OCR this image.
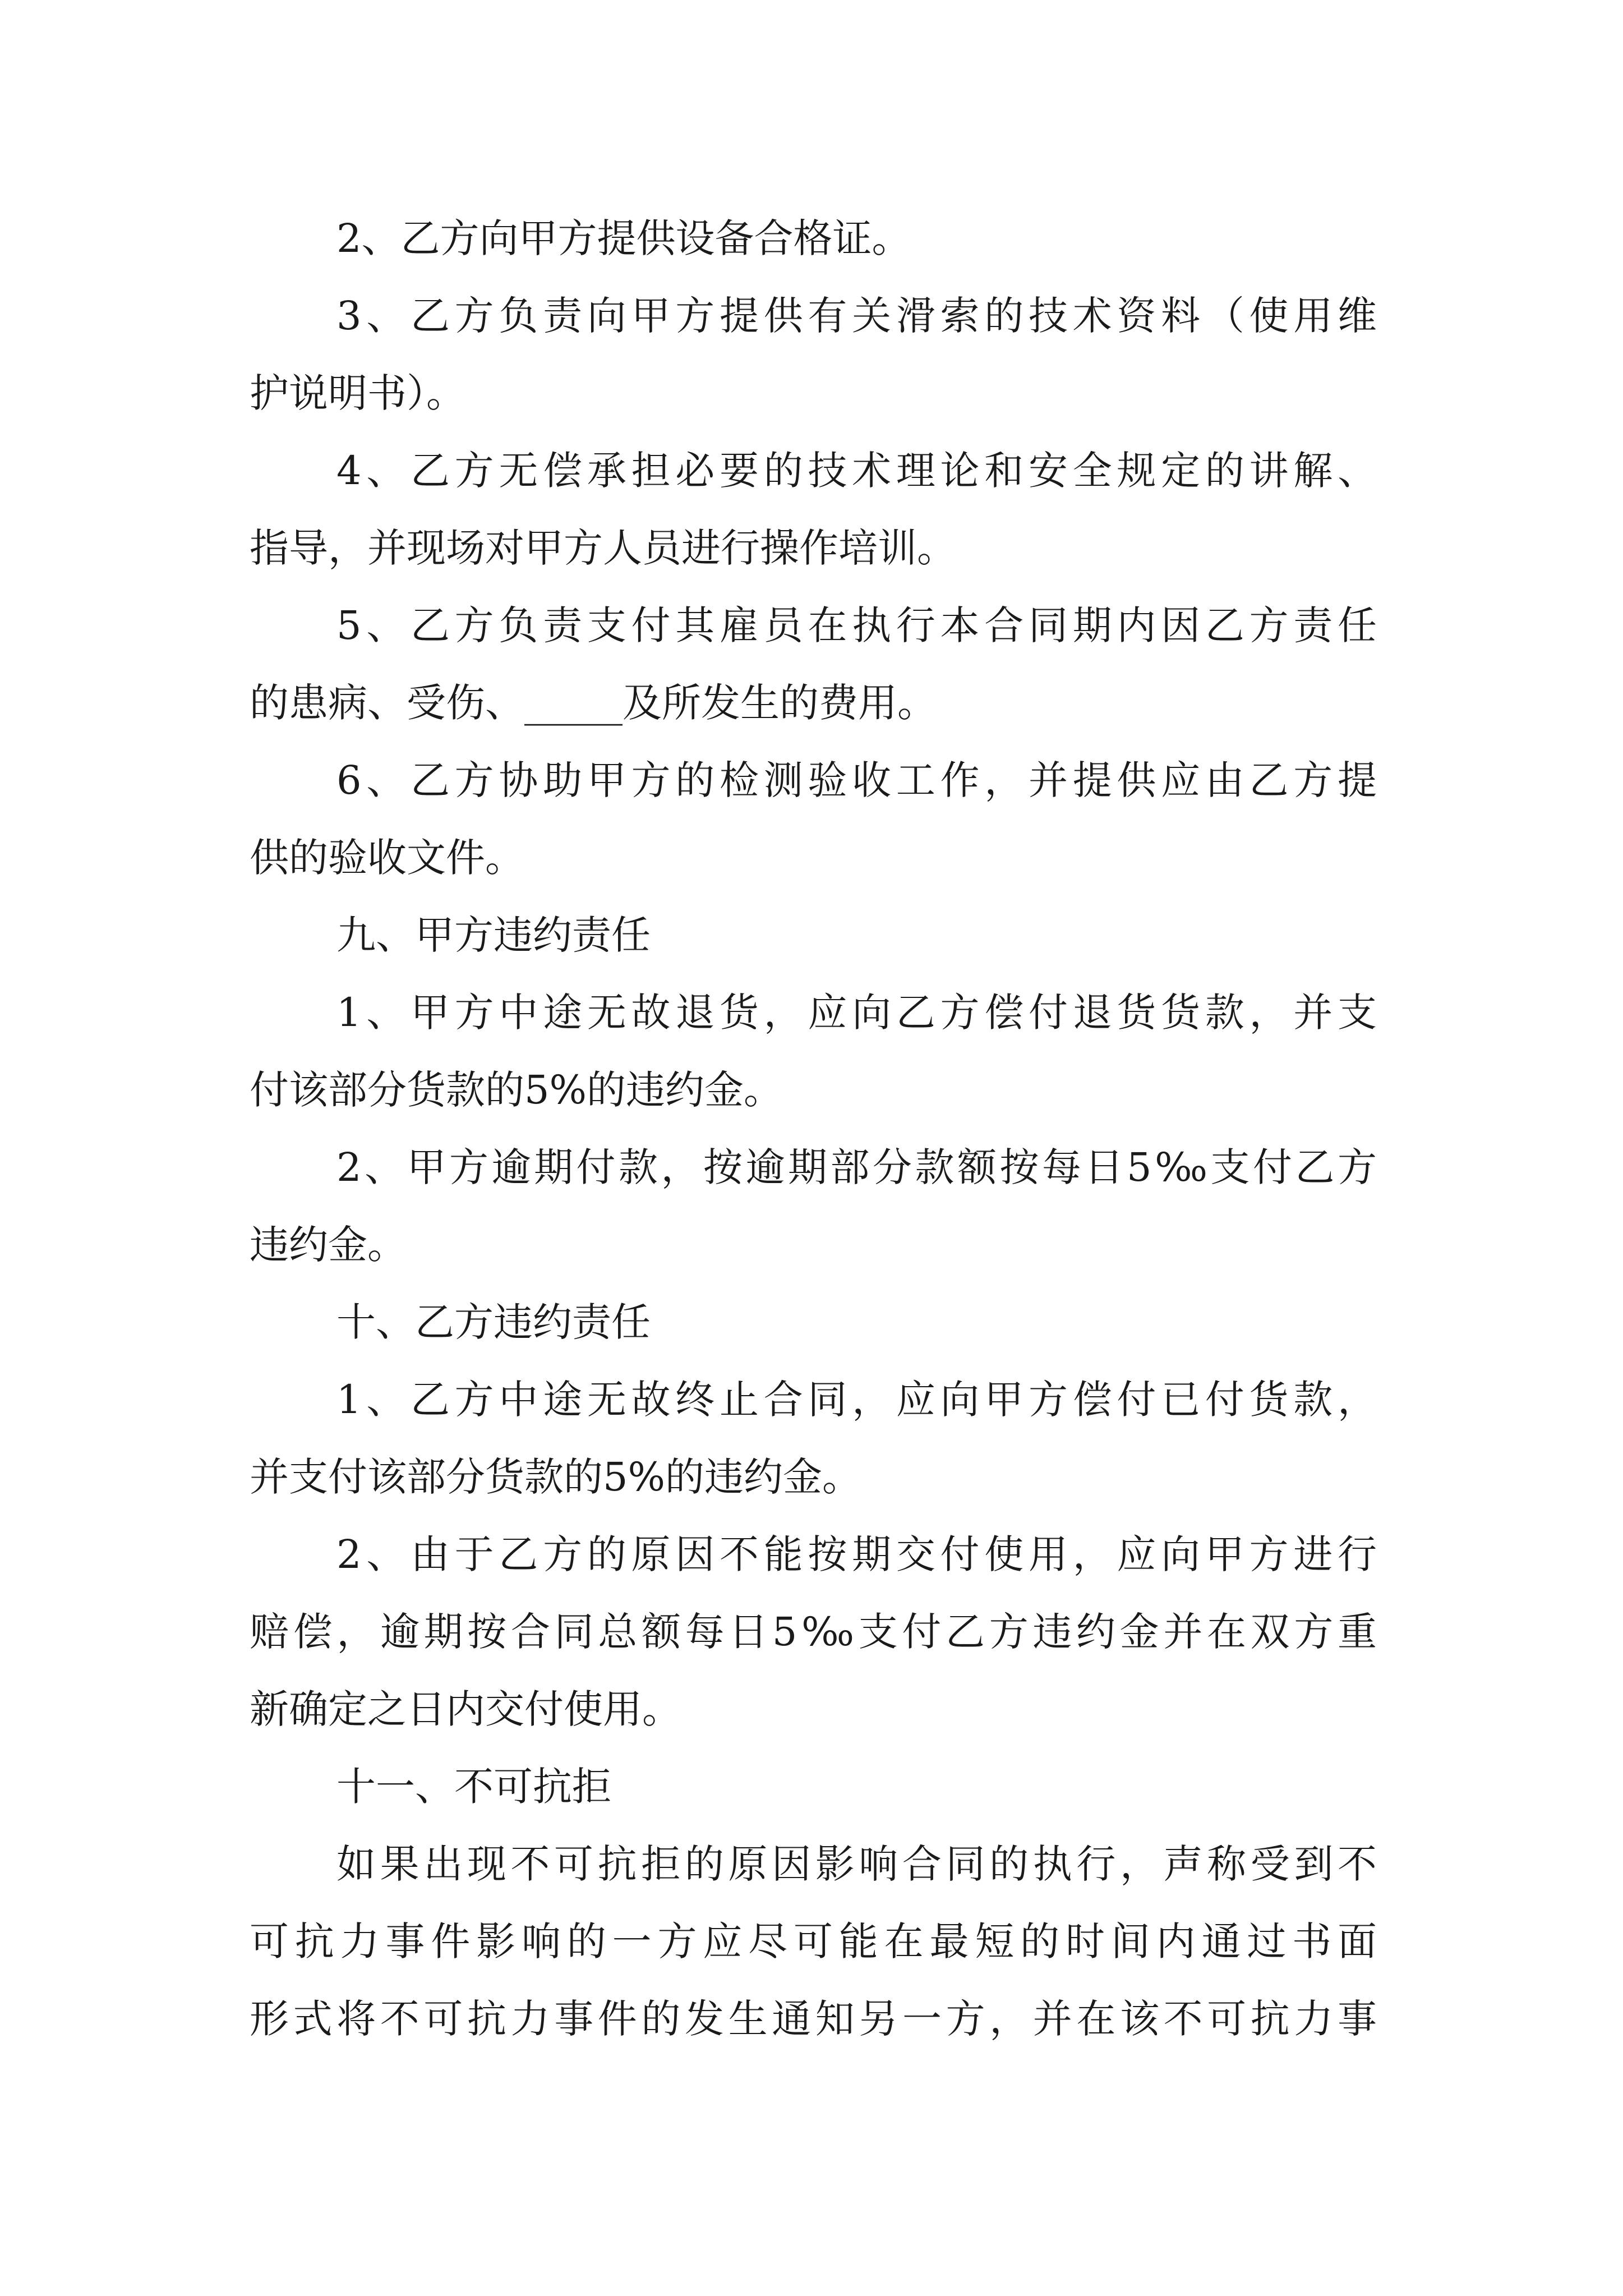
2、乙方向甲方提供设备合格证。
3、乙方负责向甲方提供有关滑索的技术资料（使用维
护说明书）。
4、乙方无偿承担必要的技术理论和安全规定的讲解、
指导，并现场对甲方人员进行操作培训。
5、乙方负责支付其雇员在执行本合同期内因乙方责任
的患病、受伤、_____及所发生的费用。
6、乙方协助甲方的检测验收工作，并提供应由乙方提
供的验收文件。
九、甲方违约责任
1、甲方中途无故退货，应向乙方偿付退货货款，并支
付该部分货款的5%的违约金。
2、甲方逾期付款，按逾期部分款额按每日5‰支付乙方
违约金。
十、乙方违约责任
1、乙方中途无故终止合同，应向甲方偿付已付货款，
并支付该部分货款的5%的违约金。
2、由于乙方的原因不能按期交付使用，应向甲方进行
赔偿，逾期按合同总额每日5‰支付乙方违约金并在双方重
新确定之日内交付使用。
十一、不可抗拒
如果出现不可抗拒的原因影响合同的执行，声称受到不
可抗力事件影响的一方应尽可能在最短的时间内通过书面
形式将不可抗力事件的发生通知另一方，并在该不可抗力事
